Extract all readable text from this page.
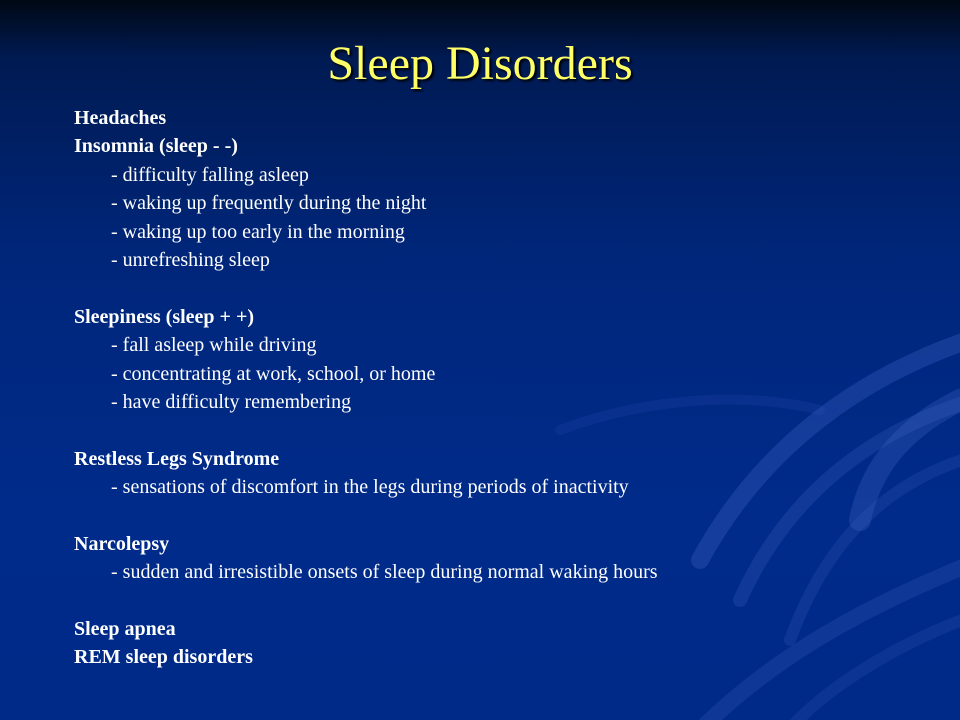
Sleep Disorders
Headaches
Insomnia (sleep - -)
- difficulty falling asleep
- waking up frequently during the night
- waking up too early in the morning
- unrefreshing sleep
Sleepiness (sleep + +)
- fall asleep while driving
- concentrating at work, school, or home
- have difficulty remembering
Restless Legs Syndrome
- sensations of discomfort in the legs during periods of inactivity
Narcolepsy
- sudden and irresistible onsets of sleep during normal waking hours
Sleep apnea
REM sleep disorders
